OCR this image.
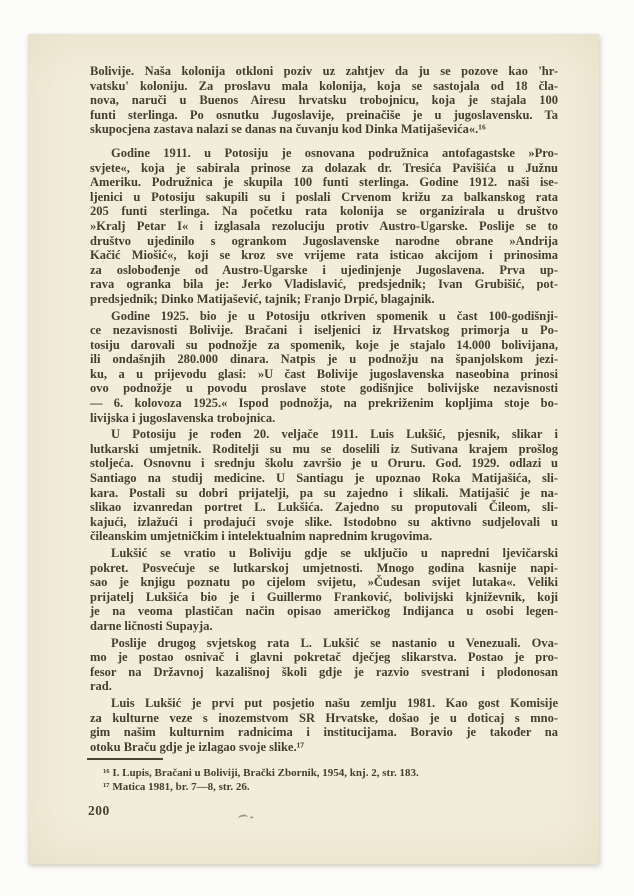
Bolivije. Naša kolonija otkloni poziv uz zahtjev da ju se pozove kao 'hr-
vatsku' koloniju. Za proslavu mala kolonija, koja se sastojala od 18 čla-
nova, naruči u Buenos Airesu hrvatsku trobojnicu, koja je stajala 100
funti sterlinga. Po osnutku Jugoslavije, preinačiše je u jugoslavensku. Ta
skupocjena zastava nalazi se danas na čuvanju kod Dinka Matijaševića«.¹⁶
Godine 1911. u Potosiju je osnovana podružnica antofagastske »Pro-
svjete«, koja je sabirala prinose za dolazak dr. Tresića Pavišića u Južnu
Ameriku. Podružnica je skupila 100 funti sterlinga. Godine 1912. naši ise-
ljenici u Potosiju sakupili su i poslali Crvenom križu za balkanskog rata
205 funti sterlinga. Na početku rata kolonija se organizirala u društvo
»Kralj Petar I« i izglasala rezoluciju protiv Austro-Ugarske. Poslije se to
društvo ujedinilo s ogrankom Jugoslavenske narodne obrane »Andrija
Kačić Miošić«, koji se kroz sve vrijeme rata isticao akcijom i prinosima
za oslobođenje od Austro-Ugarske i ujedinjenje Jugoslavena. Prva up-
rava ogranka bila je: Jerko Vladislavić, predsjednik; Ivan Grubišić, pot-
predsjednik; Dinko Matijašević, tajnik; Franjo Drpić, blagajnik.
Godine 1925. bio je u Potosiju otkriven spomenik u čast 100-godišnji-
ce nezavisnosti Bolivije. Bračani i iseljenici iz Hrvatskog primorja u Po-
tosiju darovali su podnožje za spomenik, koje je stajalo 14.000 bolivijana,
ili ondašnjih 280.000 dinara. Natpis je u podnožju na španjolskom jezi-
ku, a u prijevodu glasi: »U čast Bolivije jugoslavenska naseobina prinosi
ovo podnožje u povodu proslave stote godišnjice bolivijske nezavisnosti
— 6. kolovoza 1925.« Ispod podnožja, na prekriženim kopljima stoje bo-
livijska i jugoslavenska trobojnica.
U Potosiju je rođen 20. veljače 1911. Luis Lukšić, pjesnik, slikar i
lutkarski umjetnik. Roditelji su mu se doselili iz Sutivana krajem prošlog
stoljeća. Osnovnu i srednju školu završio je u Oruru. God. 1929. odlazi u
Santiago na studij medicine. U Santiagu je upoznao Roka Matijašića, sli-
kara. Postali su dobri prijatelji, pa su zajedno i slikali. Matijašić je na-
slikao izvanredan portret L. Lukšića. Zajedno su proputovali Čileom, sli-
kajući, izlažući i prodajući svoje slike. Istodobno su aktivno sudjelovali u
čileanskim umjetničkim i intelektualnim naprednim krugovima.
Lukšić se vratio u Boliviju gdje se uključio u napredni ljevičarski
pokret. Posvećuje se lutkarskoj umjetnosti. Mnogo godina kasnije napi-
sao je knjigu poznatu po cijelom svijetu, »Čudesan svijet lutaka«. Veliki
prijatelj Lukšića bio je i Guillermo Franković, bolivijski kjniževnik, koji
je na veoma plastičan način opisao američkog Indijanca u osobi legen-
darne ličnosti Supayja.
Poslije drugog svjetskog rata L. Lukšić se nastanio u Venezuali. Ova-
mo je postao osnivač i glavni pokretač dječjeg slikarstva. Postao je pro-
fesor na Državnoj kazališnoj školi gdje je razvio svestrani i plodonosan
rad.
Luis Lukšić je prvi put posjetio našu zemlju 1981. Kao gost Komisije
za kulturne veze s inozemstvom SR Hrvatske, došao je u doticaj s mno-
gim našim kulturnim radnicima i institucijama. Boravio je također na
otoku Braču gdje je izlagao svoje slike.¹⁷
¹⁶ I. Lupis, Bračani u Boliviji, Brački Zbornik, 1954, knj. 2, str. 183.
¹⁷ Matica 1981, br. 7—8, str. 26.
200
